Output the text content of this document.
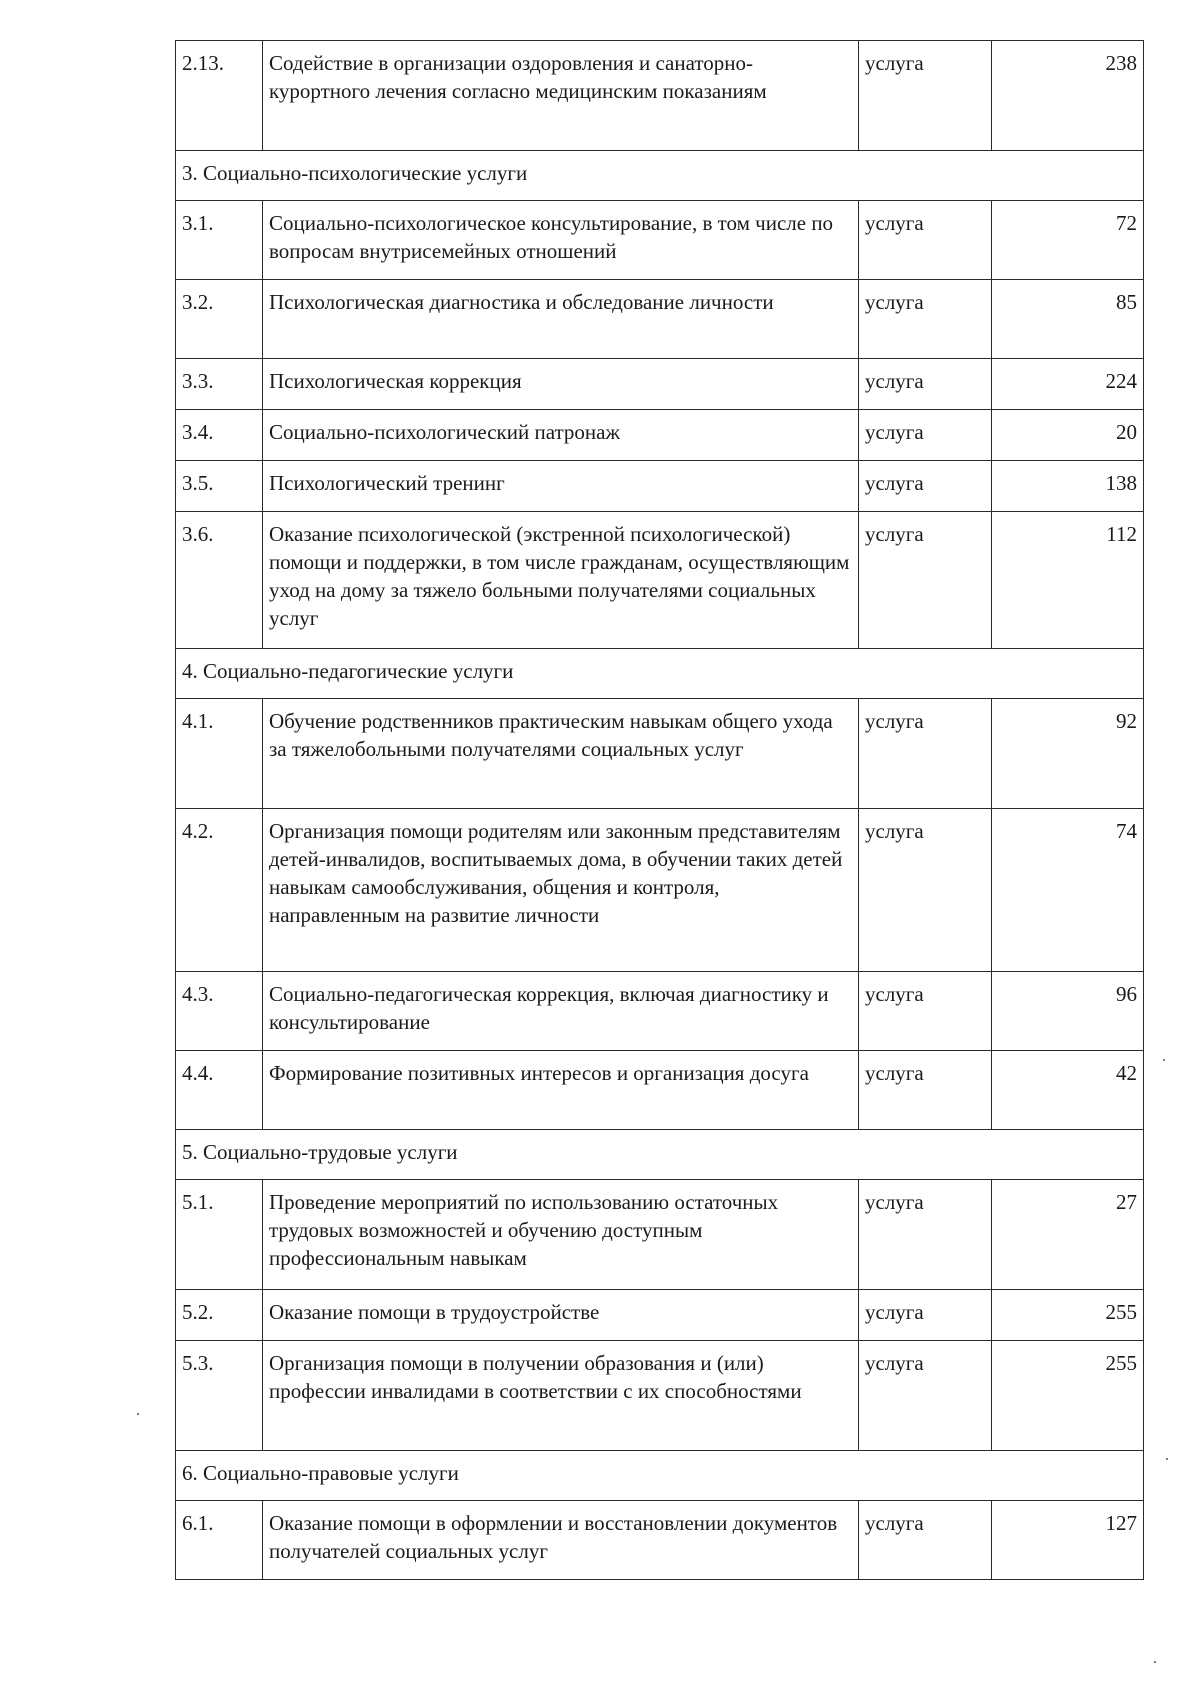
2.13.	Содействие в организации оздоровления и санаторно-курортного лечения согласно медицинским показаниям	услуга	238
3. Социально-психологические услуги			
3.1.	Социально-психологическое консультирование, в том числе по вопросам внутрисемейных отношений	услуга	72
3.2.	Психологическая диагностика и обследование личности	услуга	85
3.3.	Психологическая коррекция	услуга	224
3.4.	Социально-психологический патронаж	услуга	20
3.5.	Психологический тренинг	услуга	138
3.6.	Оказание психологической (экстренной психологической) помощи и поддержки, в том числе гражданам, осуществляющим уход на дому за тяжело больными получателями социальных услуг	услуга	112
4. Социально-педагогические услуги			
4.1.	Обучение родственников практическим навыкам общего ухода за тяжелобольными получателями социальных услуг	услуга	92
4.2.	Организация помощи родителям или законным представителям детей-инвалидов, воспитываемых дома, в обучении таких детей навыкам самообслуживания, общения и контроля, направленным на развитие личности	услуга	74
4.3.	Социально-педагогическая коррекция, включая диагностику и консультирование	услуга	96
4.4.	Формирование позитивных интересов и организация досуга	услуга	42
5. Социально-трудовые услуги			
5.1.	Проведение мероприятий по использованию остаточных трудовых возможностей и обучению доступным профессиональным навыкам	услуга	27
5.2.	Оказание помощи в трудоустройстве	услуга	255
5.3.	Организация помощи в получении образования и (или) профессии инвалидами в соответствии с их способностями	услуга	255
6. Социально-правовые услуги			
6.1.	Оказание помощи в оформлении и восстановлении документов получателей социальных услуг	услуга	127
